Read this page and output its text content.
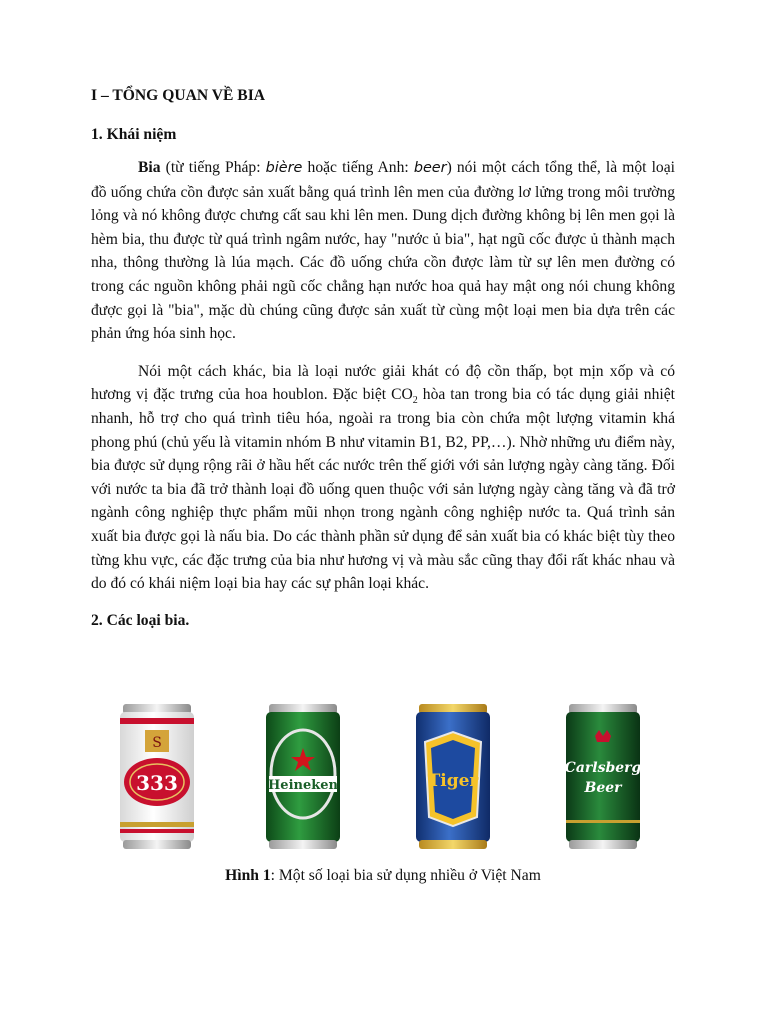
I – TỔNG QUAN VỀ BIA
1. Khái niệm

Bia (từ tiếng Pháp: bière hoặc tiếng Anh: beer) nói một cách tổng thể, là một loại đồ uống chứa cồn được sản xuất bằng quá trình lên men của đường lơ lửng trong môi trường lỏng và nó không được chưng cất sau khi lên men. Dung dịch đường không bị lên men gọi là hèm bia, thu được từ quá trình ngâm nước, hay "nước ủ bia", hạt ngũ cốc được ủ thành mạch nha, thông thường là lúa mạch. Các đồ uống chứa cồn được làm từ sự lên men đường có trong các nguồn không phải ngũ cốc chẳng hạn nước hoa quả hay mật ong nói chung không được gọi là "bia", mặc dù chúng cũng được sản xuất từ cùng một loại men bia dựa trên các phản ứng hóa sinh học.

Nói một cách khác, bia là loại nước giải khát có độ cồn thấp, bọt mịn xốp và có hương vị đặc trưng của hoa houblon. Đặc biệt $CO_2$ hòa tan trong bia có tác dụng giải nhiệt nhanh, hỗ trợ cho quá trình tiêu hóa, ngoài ra trong bia còn chứa một lượng vitamin khá phong phú (chủ yếu là vitamin nhóm B như vitamin B1, B2, PP,…). Nhờ những ưu điểm này, bia được sử dụng rộng rãi ở hầu hết các nước trên thế giới với sản lượng ngày càng tăng. Đối với nước ta bia đã trở thành loại đồ uống quen thuộc với sản lượng ngày càng tăng và đã trở ngành công nghiệp thực phẩm mũi nhọn trong ngành công nghiệp nước ta. Quá trình sản xuất bia được gọi là nấu bia. Do các thành phần sử dụng để sản xuất bia có khác biệt tùy theo từng khu vực, các đặc trưng của bia như hương vị và màu sắc cũng thay đổi rất khác nhau và do đó có khái niệm loại bia hay các sự phân loại khác.

2. Các loại bia.
S
333	Heineken	Tiger
Carlsberg
Beer
Hình 1: Một số loại bia sử dụng nhiều ở Việt Nam
